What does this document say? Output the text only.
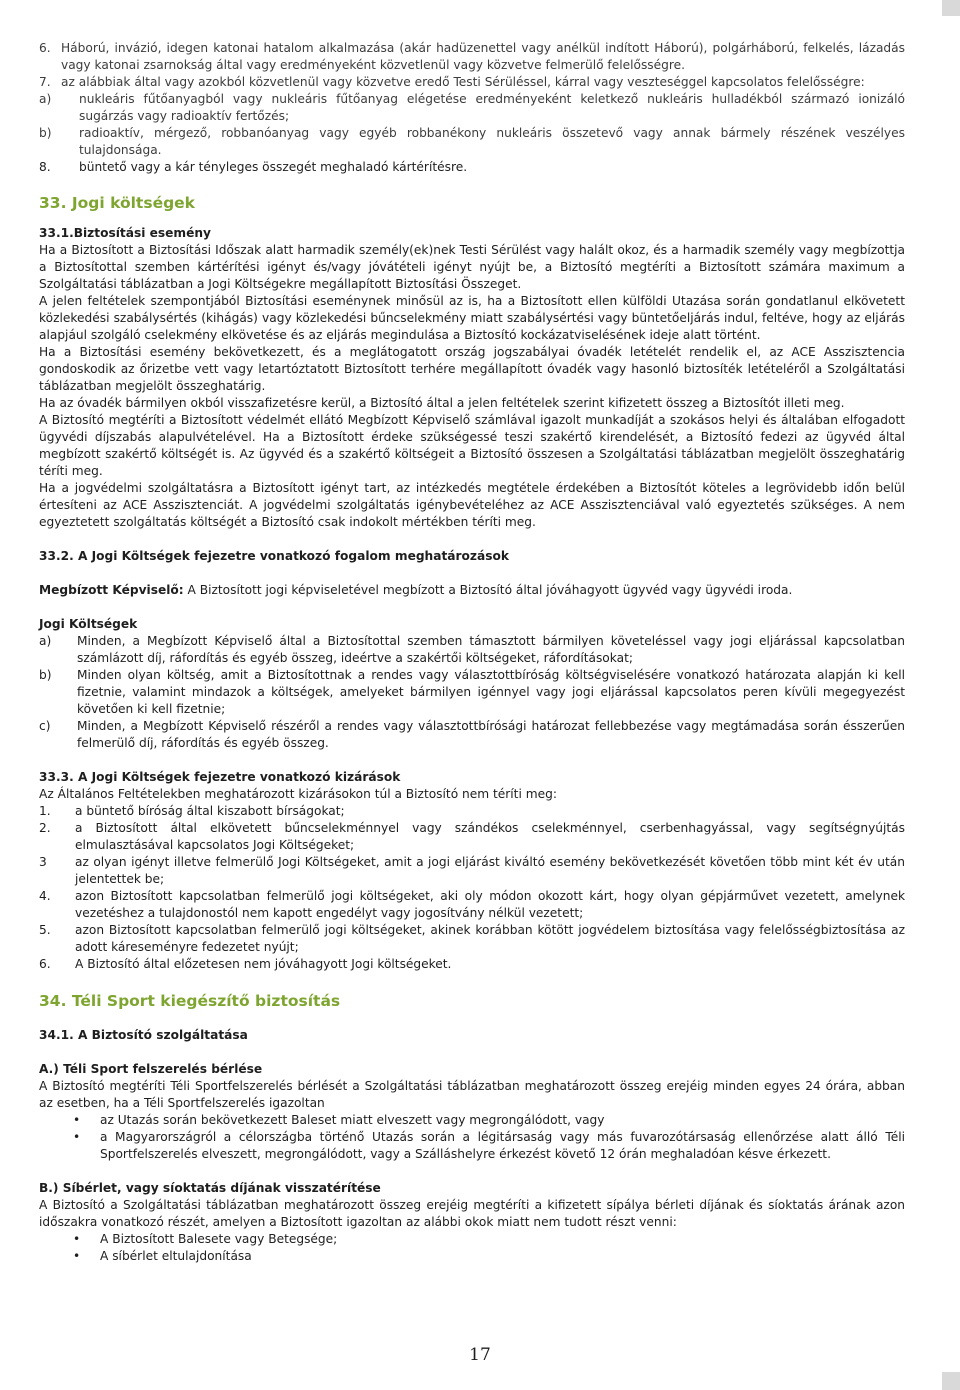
6. Háború, invázió, idegen katonai hatalom alkalmazása (akár hadüzenettel vagy anélkül indított Háború), polgárháború, felkelés, lázadás vagy katonai zsarnokság által vagy eredményeként közvetlenül vagy közvetve felmerülő felelősségre.
7. az alábbiak által vagy azokból közvetlenül vagy közvetve eredő Testi Sérüléssel, kárral vagy veszteséggel kapcsolatos felelősségre:
a)	nukleáris fűtőanyagból vagy nukleáris fűtőanyag elégetése eredményeként keletkező nukleáris hulladékból származó ionizáló sugárzás vagy radioaktív fertőzés;
b)	radioaktív, mérgező, robbanóanyag vagy egyéb robbanékony nukleáris összetevő vagy annak bármely részének veszélyes tulajdonsága.
8.	büntető vagy a kár tényleges összegét meghaladó kártérítésre.
33. Jogi költségek
33.1.Biztosítási esemény

Ha a Biztosított a Biztosítási Időszak alatt harmadik személy(ek)nek Testi Sérülést vagy halált okoz, és a harmadik személy vagy megbízottja a Biztosítottal szemben kártérítési igényt és/vagy jóvátételi igényt nyújt be, a Biztosító megtéríti a Biztosított számára maximum a Szolgáltatási táblázatban a Jogi Költségekre megállapított Biztosítási Összeget.

A jelen feltételek szempontjából Biztosítási eseménynek minősül az is, ha a Biztosított ellen külföldi Utazása során gondatlanul elkövetett közlekedési szabálysértés (kihágás) vagy közlekedési bűncselekmény miatt szabálysértési vagy büntetőeljárás indul, feltéve, hogy az eljárás alapjául szolgáló cselekmény elkövetése és az eljárás megindulása a Biztosító kockázatviselésének ideje alatt történt.

Ha a Biztosítási esemény bekövetkezett, és a meglátogatott ország jogszabályai óvadék letételét rendelik el, az ACE Asszisztencia gondoskodik az őrizetbe vett vagy letartóztatott Biztosított terhére megállapított óvadék vagy hasonló biztosíték letételéről a Szolgáltatási táblázatban megjelölt összeghatárig.

Ha az óvadék bármilyen okból visszafizetésre kerül, a Biztosító által a jelen feltételek szerint kifizetett összeg a Biztosítót illeti meg.

A Biztosító megtéríti a Biztosított védelmét ellátó Megbízott Képviselő számlával igazolt munkadíját a szokásos helyi és általában elfogadott ügyvédi díjszabás alapulvételével. Ha a Biztosított érdeke szükségessé teszi szakértő kirendelését, a Biztosító fedezi az ügyvéd által megbízott szakértő költségét is. Az ügyvéd és a szakértő költségeit a Biztosító összesen a Szolgáltatási táblázatban megjelölt összeghatárig téríti meg.

Ha a jogvédelmi szolgáltatásra a Biztosított igényt tart, az intézkedés megtétele érdekében a Biztosítót köteles a legrövidebb időn belül értesíteni az ACE Asszisztenciát. A jogvédelmi szolgáltatás igénybevételéhez az ACE Asszisztenciával való egyeztetés szükséges. A nem egyeztetett szolgáltatás költségét a Biztosító csak indokolt mértékben téríti meg.

33.2. A Jogi Költségek fejezetre vonatkozó fogalom meghatározások

Megbízott Képviselő: A Biztosított jogi képviseletével megbízott a Biztosító által jóváhagyott ügyvéd vagy ügyvédi iroda.

Jogi Költségek
a)	Minden, a Megbízott Képviselő által a Biztosítottal szemben támasztott bármilyen követeléssel vagy jogi eljárással kapcsolatban számlázott díj, ráfordítás és egyéb összeg, ideértve a szakértői költségeket, ráfordításokat;
b)	Minden olyan költség, amit a Biztosítottnak a rendes vagy választottbíróság költségviselésére vonatkozó határozata alapján ki kell fizetnie, valamint mindazok a költségek, amelyeket bármilyen igénnyel vagy jogi eljárással kapcsolatos peren kívüli megegyezést követően ki kell fizetnie;
c)	Minden, a Megbízott Képviselő részéről a rendes vagy választottbírósági határozat fellebbezése vagy megtámadása során ésszerűen felmerülő díj, ráfordítás és egyéb összeg.
33.3. A Jogi Költségek fejezetre vonatkozó kizárások

Az Általános Feltételekben meghatározott kizárásokon túl a Biztosító nem téríti meg:

1.	a büntető bíróság által kiszabott bírságokat;
2.	a Biztosított által elkövetett bűncselekménnyel vagy szándékos cselekménnyel, cserbenhagyással, vagy segítségnyújtás elmulasztásával kapcsolatos Jogi Költségeket;
3	az olyan igényt illetve felmerülő Jogi Költségeket, amit a jogi eljárást kiváltó esemény bekövetkezését követően több mint két év után jelentettek be;
4.	azon Biztosított kapcsolatban felmerülő jogi költségeket, aki oly módon okozott kárt, hogy olyan gépjárművet vezetett, amelynek vezetéshez a tulajdonostól nem kapott engedélyt vagy jogosítvány nélkül vezetett;
5.	azon Biztosított kapcsolatban felmerülő jogi költségeket, akinek korábban kötött jogvédelem biztosítása vagy felelősségbiztosítása az adott káreseményre fedezetet nyújt;
6.	A Biztosító által előzetesen nem jóváhagyott Jogi költségeket.
34. Téli Sport kiegészítő biztosítás
34.1. A Biztosító szolgáltatása
A.) Téli Sport felszerelés bérlése

A Biztosító megtéríti Téli Sportfelszerelés bérlését a Szolgáltatási táblázatban meghatározott összeg erejéig minden egyes 24 órára, abban az esetben, ha a Téli Sportfelszerelés igazoltan

•	az Utazás során bekövetkezett Baleset miatt elveszett vagy megrongálódott, vagy
•	a Magyarországról a célországba történő Utazás során a légitársaság vagy más fuvarozótársaság ellenőrzése alatt álló Téli Sportfelszerelés elveszett, megrongálódott, vagy a Szálláshelyre érkezést követő 12 órán meghaladóan késve érkezett.
B.) Síbérlet, vagy síoktatás díjának visszatérítése

A Biztosító a Szolgáltatási táblázatban meghatározott összeg erejéig megtéríti a kifizetett sípálya bérleti díjának és síoktatás árának azon időszakra vonatkozó részét, amelyen a Biztosított igazoltan az alábbi okok miatt nem tudott részt venni:

•	A Biztosított Balesete vagy Betegsége;
•	A síbérlet eltulajdonítása
17
